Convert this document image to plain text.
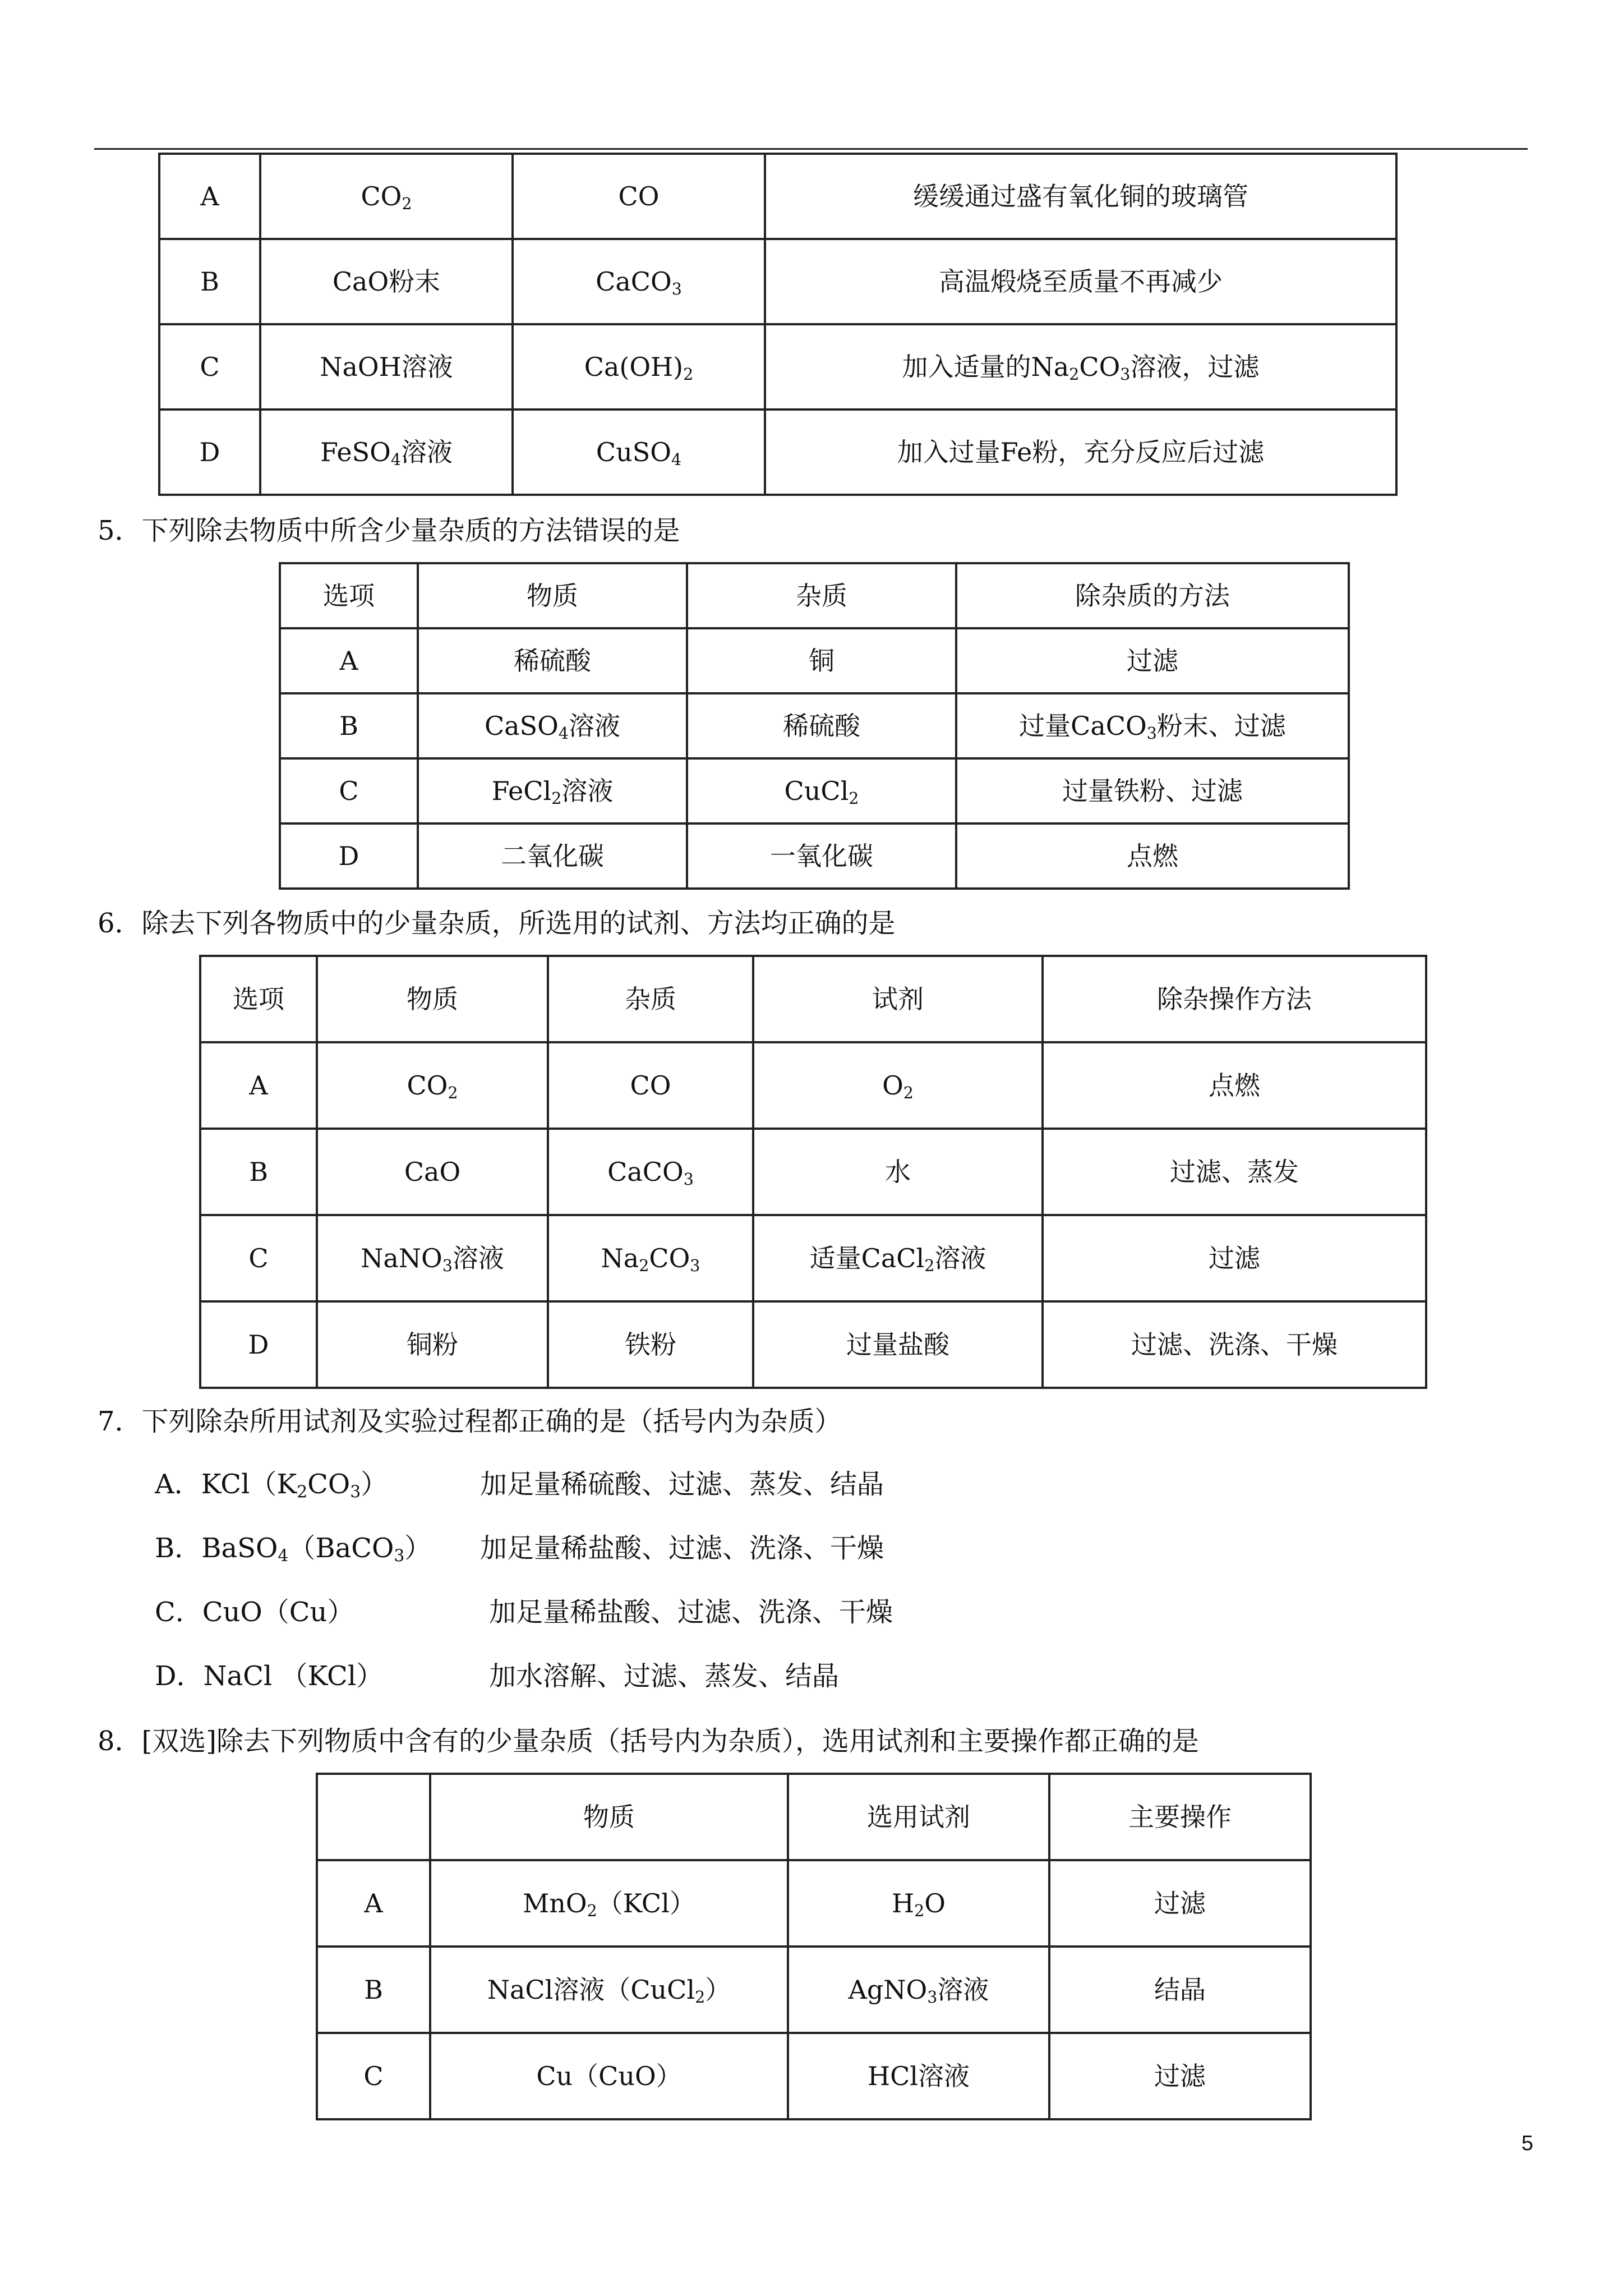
A	$CO_2$	CO	缓缓通过盛有氧化铜的玻璃管
B	CaO粉末	CaCO$_3$	高温煅烧至质量不再减少
C	NaOH溶液	$Ca(OH)_2$	加入适量的$Na_2CO_3$溶液，过滤
D	FeSO$_4$溶液	CuSO$_4$	加入过量Fe粉，充分反应后过滤
5．下列除去物质中所含少量杂质的方法错误的是
选项	物质	杂质	除杂质的方法
A	稀硫酸	铜	过滤
B	CaSO$_4$溶液	稀硫酸	过量CaCO$_3$粉末、过滤
C	FeCl$_2$溶液	CuCl$_2$	过量铁粉、过滤
D	二氧化碳	一氧化碳	点燃
6．除去下列各物质中的少量杂质，所选用的试剂、方法均正确的是
选项	物质	杂质	试剂	除杂操作方法
A	$CO_2$	CO	$O_2$	点燃
B	CaO	CaCO$_3$	水	过滤、蒸发
C	NaNO$_3$溶液	$Na_2CO_3$	适量CaCl$_2$溶液	过滤
D	铜粉	铁粉	过量盐酸	过滤、洗涤、干燥
7．下列除杂所用试剂及实验过程都正确的是（括号内为杂质）
A．$KCl(K_2CO_3)$	加足量稀硫酸、过滤、蒸发、结晶
B．BaSO$_4$（BaCO$_3$） 加足量稀盐酸、过滤、洗涤、干燥
C．CuO（Cu）	加足量稀盐酸、过滤、洗涤、干燥
D．NaCl （KCl）	加水溶解、过滤、蒸发、结晶
8．[双选]除去下列物质中含有的少量杂质（括号内为杂质），选用试剂和主要操作都正确的是
	物质	选用试剂	主要操作
A	MnO$_2$（KCl）	$H_2O$	过滤
B	NaCl溶液（CuCl$_2$）	AgNO$_3$溶液	结晶
C	Cu（CuO）	HCl溶液	过滤
5
